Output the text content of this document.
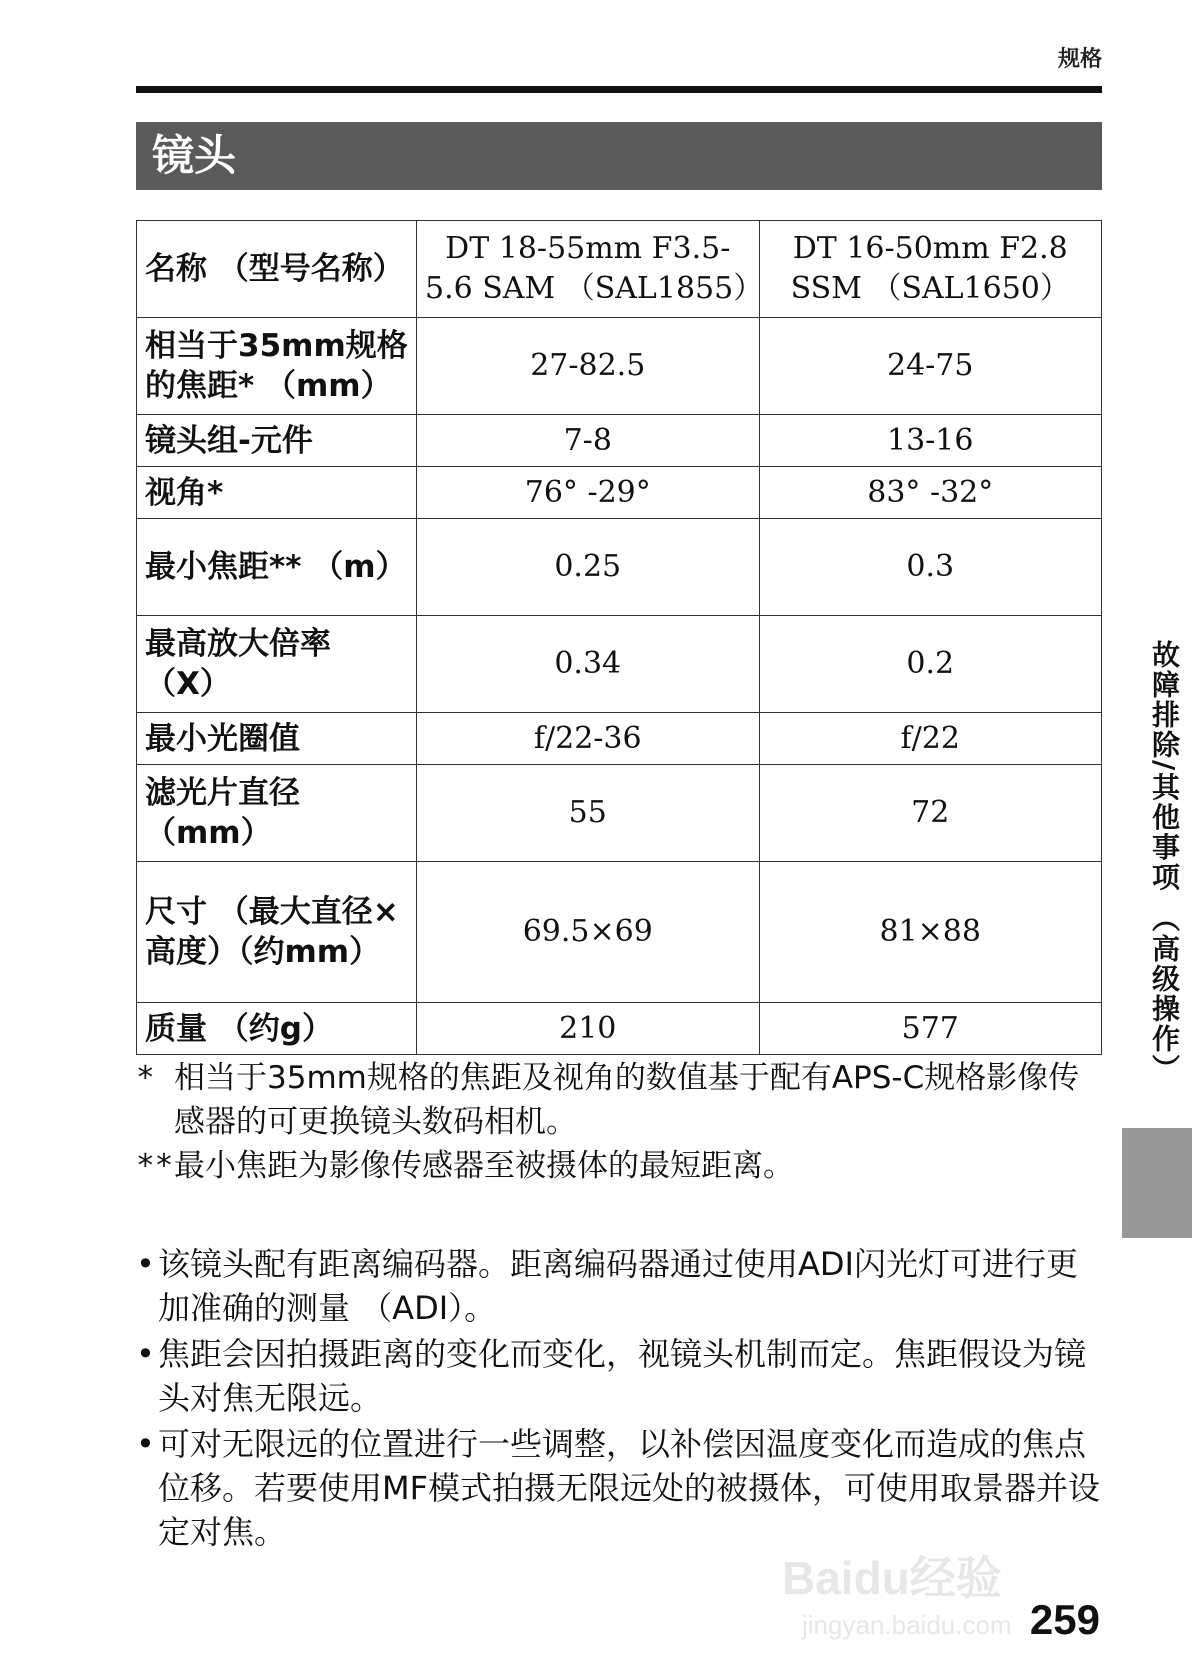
规格
镜头
名称 （型号名称）	DT 18-55mm F3.5-5.6 SAM （SAL1855）	DT 16-50mm F2.8 SSM （SAL1650）
相当于35mm规格的焦距* （mm）	27-82.5	24-75
镜头组-元件	7-8	13-16
视角*	76° -29°	83° -32°
最小焦距** （m）	0.25	0.3
最高放大倍率 （X）	0.34	0.2
最小光圈值	f/22-36	f/22
滤光片直径 （mm）	55	72
尺寸 （最大直径×高度）（约mm）	69.5×69	81×88
质量 （约g）	210	577
* 相当于35mm规格的焦距及视角的数值基于配有APS-C规格影像传感器的可更换镜头数码相机。
** 最小焦距为影像传感器至被摄体的最短距离。
• 该镜头配有距离编码器。距离编码器通过使用ADI闪光灯可进行更加准确的测量 （ADI）。
• 焦距会因拍摄距离的变化而变化，视镜头机制而定。焦距假设为镜头对焦无限远。
• 可对无限远的位置进行一些调整，以补偿因温度变化而造成的焦点位移。若要使用MF模式拍摄无限远处的被摄体，可使用取景器并设定对焦。
故障排除/其他事项 （高级操作）
Baidu经验
jingyan.baidu.com 259
